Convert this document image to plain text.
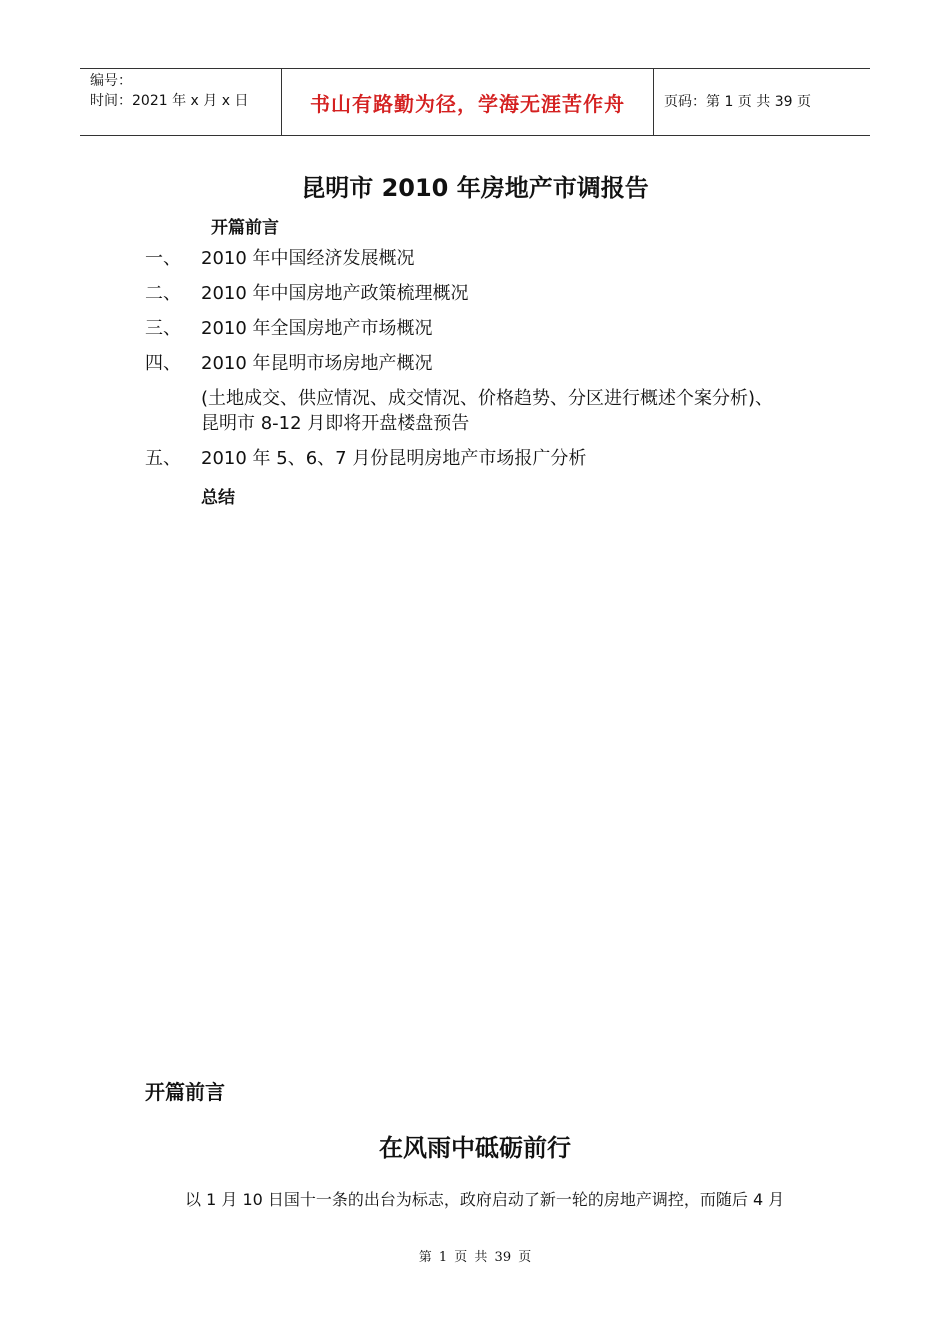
编号：
时间：2021 年 x 月 x 日	书山有路勤为径，学海无涯苦作舟	页码：第 1 页 共 39 页
昆明市 2010 年房地产市调报告
开篇前言
一、 2010 年中国经济发展概况
二、 2010 年中国房地产政策梳理概况
三、 2010 年全国房地产市场概况
四、 2010 年昆明市场房地产概况
(土地成交、供应情况、成交情况、价格趋势、分区进行概述个案分析)、
昆明市 8-12 月即将开盘楼盘预告
五、 2010 年 5、6、7 月份昆明房地产市场报广分析
总结
开篇前言
在风雨中砥砺前行
以 1 月 10 日国十一条的出台为标志，政府启动了新一轮的房地产调控，而随后 4 月
第 1 页 共 39 页
